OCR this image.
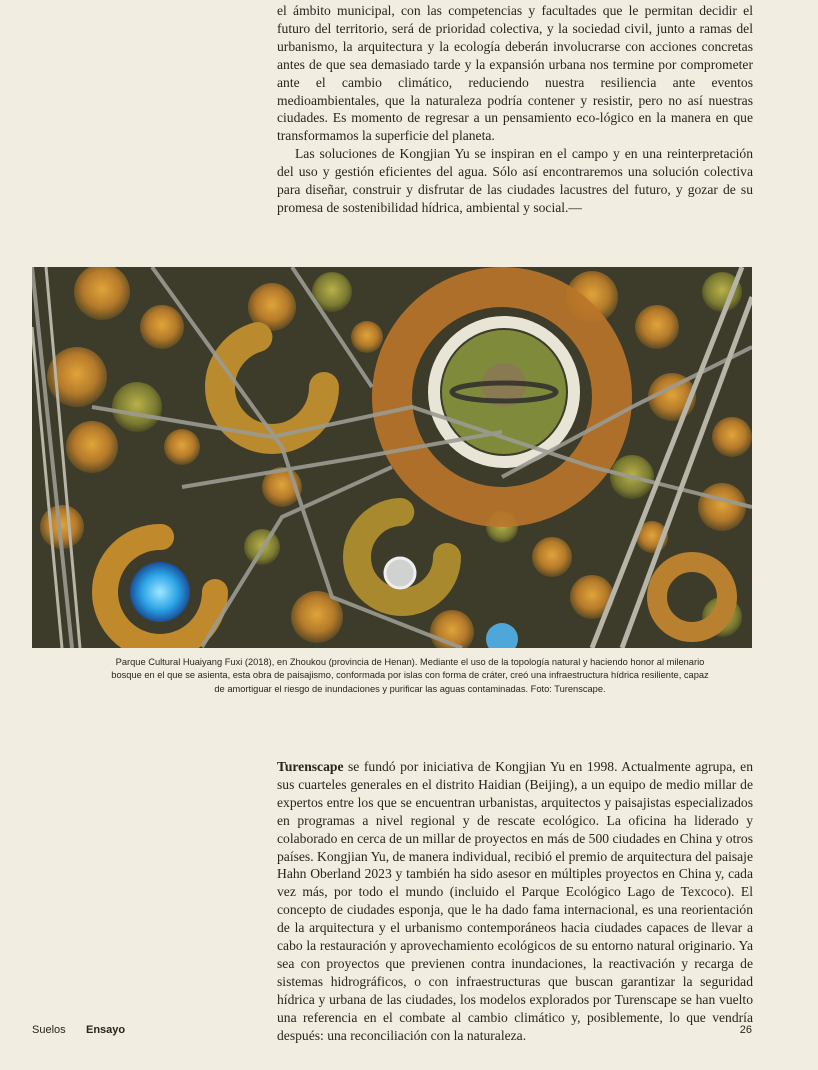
el ámbito municipal, con las competencias y facultades que le permitan decidir el futuro del territorio, será de prioridad colectiva, y la sociedad civil, junto a ramas del urbanismo, la arquitectura y la ecología deberán involucrarse con acciones concretas antes de que sea demasiado tarde y la expansión urbana nos termine por comprometer ante el cambio climático, reduciendo nuestra resiliencia ante eventos medioambientales, que la naturaleza podría contener y resistir, pero no así nuestras ciudades. Es momento de regresar a un pensamiento eco-lógico en la manera en que transformamos la superficie del planeta.

Las soluciones de Kongjian Yu se inspiran en el campo y en una reinterpretación del uso y gestión eficientes del agua. Sólo así encontraremos una solución colectiva para diseñar, construir y disfrutar de las ciudades lacustres del futuro, y gozar de su promesa de sostenibilidad hídrica, ambiental y social.—

Parque Cultural Huaiyang Fuxi (2018), en Zhoukou (provincia de Henan). Mediante el uso de la topología natural y haciendo honor al milenario bosque en el que se asienta, esta obra de paisajismo, conformada por islas con forma de cráter, creó una infraestructura hídrica resiliente, capaz de amortiguar el riesgo de inundaciones y purificar las aguas contaminadas. Foto: Turenscape.

Turenscape se fundó por iniciativa de Kongjian Yu en 1998. Actualmente agrupa, en sus cuarteles generales en el distrito Haidian (Beijing), a un equipo de medio millar de expertos entre los que se encuentran urbanistas, arquitectos y paisajistas especializados en programas a nivel regional y de rescate ecológico. La oficina ha liderado y colaborado en cerca de un millar de proyectos en más de 500 ciudades en China y otros países. Kongjian Yu, de manera individual, recibió el premio de arquitectura del paisaje Hahn Oberland 2023 y también ha sido asesor en múltiples proyectos en China y, cada vez más, por todo el mundo (incluido el Parque Ecológico Lago de Texcoco). El concepto de ciudades esponja, que le ha dado fama internacional, es una reorientación de la arquitectura y el urbanismo contemporáneos hacia ciudades capaces de llevar a cabo la restauración y aprovechamiento ecológicos de su entorno natural originario. Ya sea con proyectos que previenen contra inundaciones, la reactivación y recarga de sistemas hidrográficos, o con infraestructuras que buscan garantizar la seguridad hídrica y urbana de las ciudades, los modelos explorados por Turenscape se han vuelto una referencia en el combate al cambio climático y, posiblemente, lo que vendría después: una reconciliación con la naturaleza.

Suelos Ensayo	26
